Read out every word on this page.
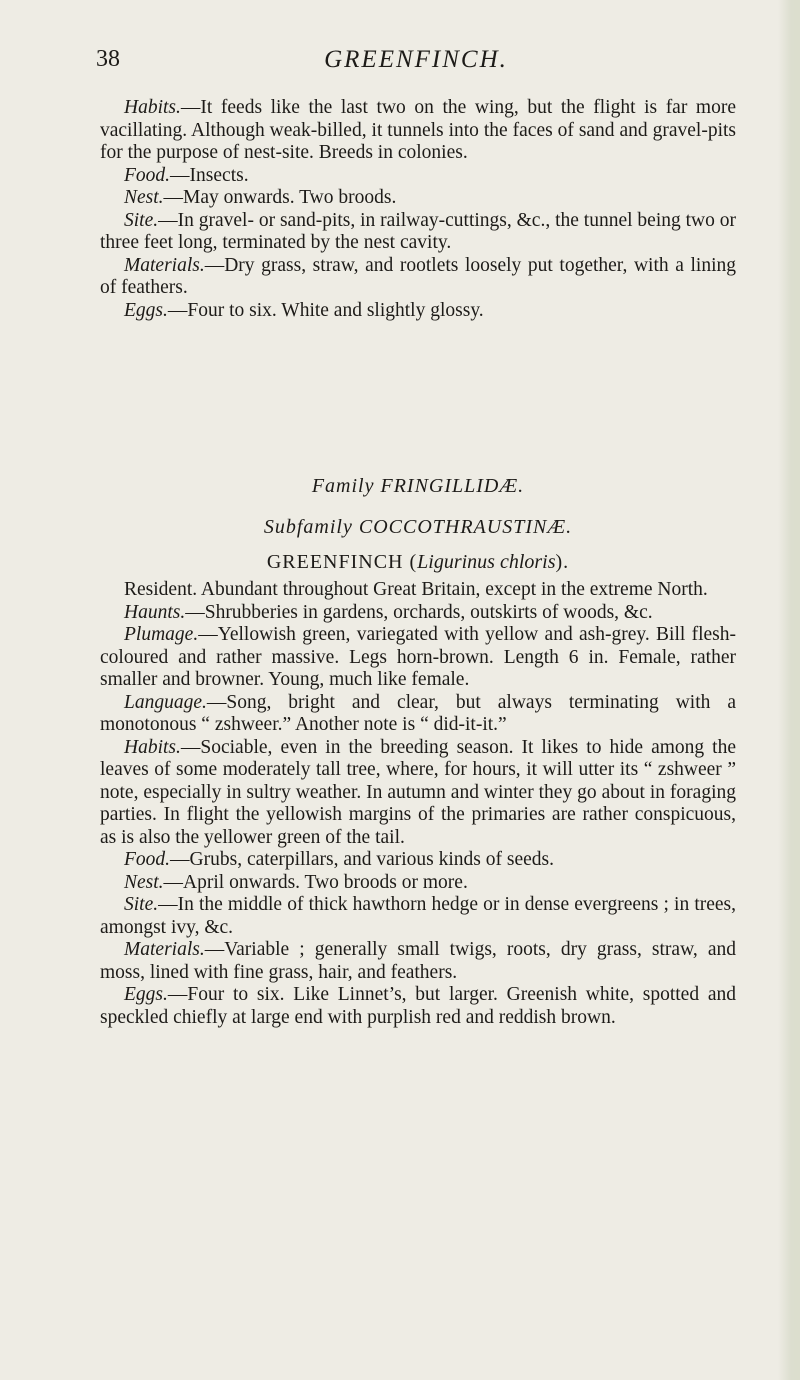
38	GREENFINCH.

Habits.—It feeds like the last two on the wing, but the flight is far more vacillating. Although weak-billed, it tunnels into the faces of sand and gravel-pits for the purpose of nest-site. Breeds in colonies.

Food.—Insects.

Nest.—May onwards. Two broods.

Site.—In gravel- or sand-pits, in railway-cuttings, &c., the tunnel being two or three feet long, terminated by the nest cavity.

Materials.—Dry grass, straw, and rootlets loosely put together, with a lining of feathers.

Eggs.—Four to six. White and slightly glossy.

Family FRINGILLIDÆ.
Subfamily COCCOTHRAUSTINÆ.
GREENFINCH (Ligurinus chloris).

Resident. Abundant throughout Great Britain, except in the extreme North.

Haunts.—Shrubberies in gardens, orchards, outskirts of woods, &c.

Plumage.—Yellowish green, variegated with yellow and ash-grey. Bill flesh-coloured and rather massive. Legs horn-brown. Length 6 in. Female, rather smaller and browner. Young, much like female.

Language.—Song, bright and clear, but always terminating with a monotonous “ zshweer.” Another note is “ did-it-it.”

Habits.—Sociable, even in the breeding season. It likes to hide among the leaves of some moderately tall tree, where, for hours, it will utter its “ zshweer ” note, especially in sultry weather. In autumn and winter they go about in foraging parties. In flight the yellowish margins of the primaries are rather conspicuous, as is also the yellower green of the tail.

Food.—Grubs, caterpillars, and various kinds of seeds.

Nest.—April onwards. Two broods or more.

Site.—In the middle of thick hawthorn hedge or in dense evergreens ; in trees, amongst ivy, &c.

Materials.—Variable ; generally small twigs, roots, dry grass, straw, and moss, lined with fine grass, hair, and feathers.

Eggs.—Four to six. Like Linnet’s, but larger. Greenish white, spotted and speckled chiefly at large end with purplish red and reddish brown.
